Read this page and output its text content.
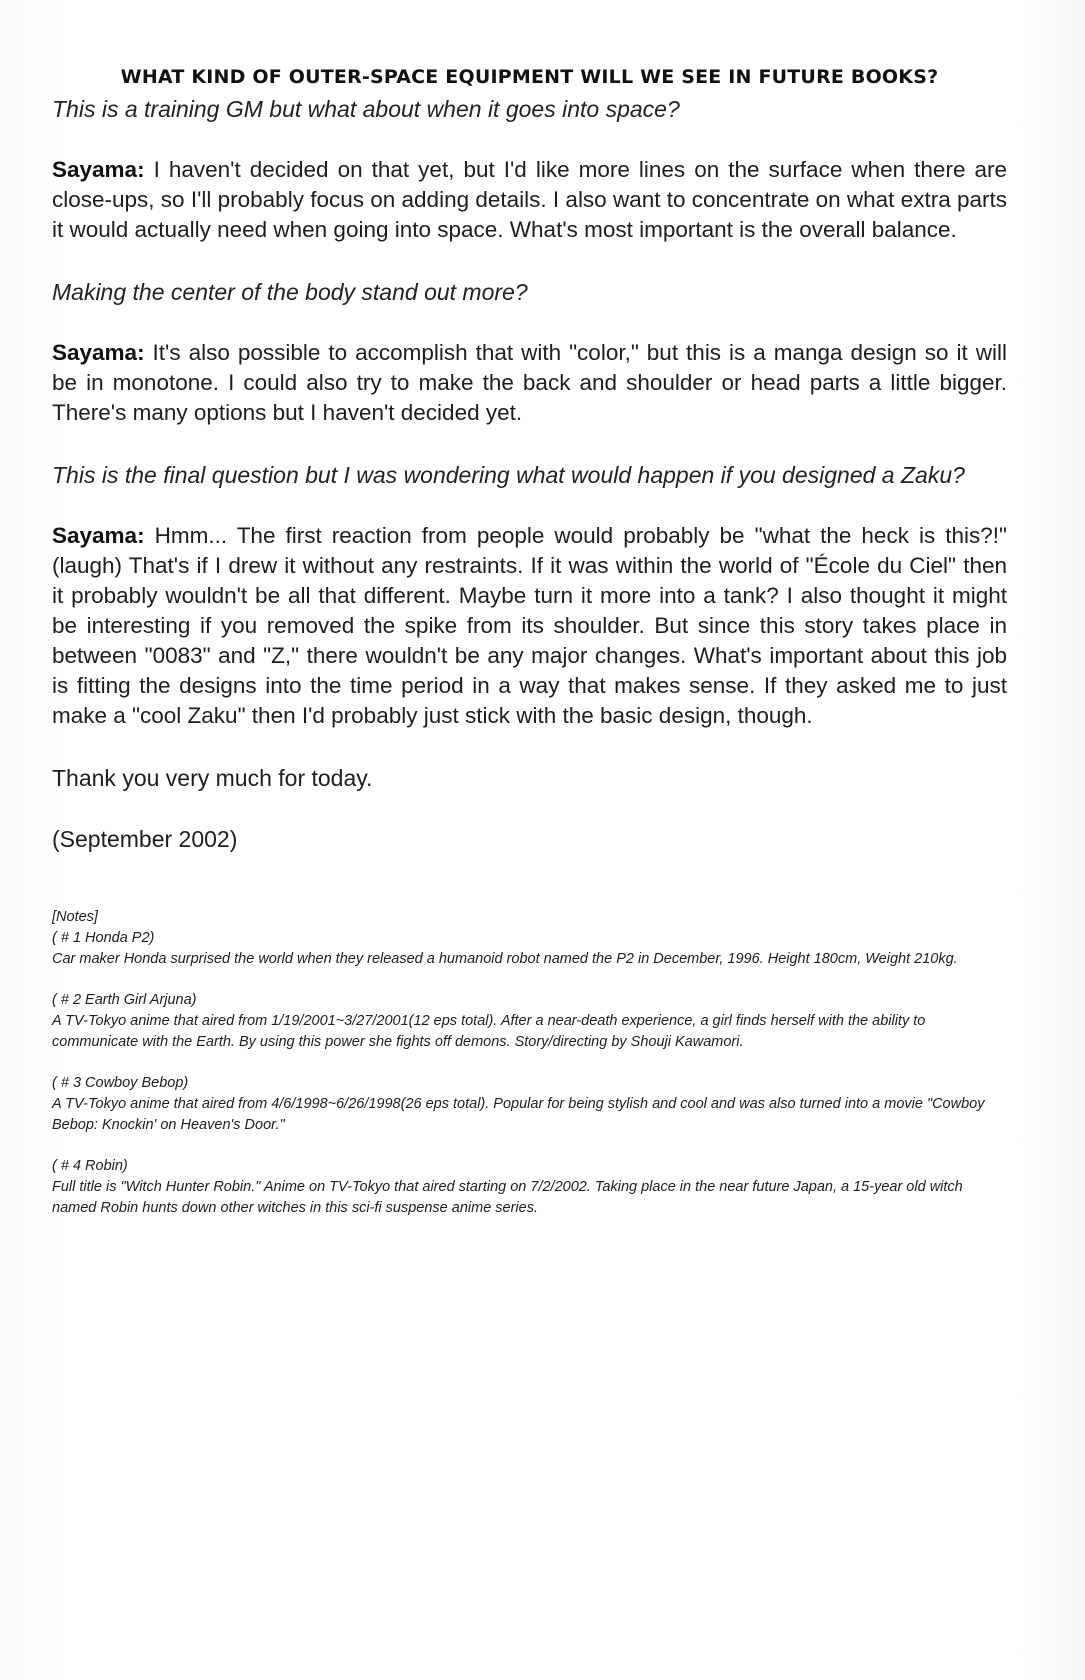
WHAT KIND OF OUTER-SPACE EQUIPMENT WILL WE SEE IN FUTURE BOOKS?

This is a training GM but what about when it goes into space?

Sayama: I haven't decided on that yet, but I'd like more lines on the surface when there are close-ups, so I'll probably focus on adding details. I also want to concentrate on what extra parts it would actually need when going into space. What's most important is the overall balance.

Making the center of the body stand out more?

Sayama: It's also possible to accomplish that with "color," but this is a manga design so it will be in monotone. I could also try to make the back and shoulder or head parts a little bigger. There's many options but I haven't decided yet.

This is the final question but I was wondering what would happen if you designed a Zaku?

Sayama: Hmm... The first reaction from people would probably be "what the heck is this?!" (laugh) That's if I drew it without any restraints. If it was within the world of "École du Ciel" then it probably wouldn't be all that different. Maybe turn it more into a tank? I also thought it might be interesting if you removed the spike from its shoulder. But since this story takes place in between "0083" and "Z," there wouldn't be any major changes. What's important about this job is fitting the designs into the time period in a way that makes sense. If they asked me to just make a "cool Zaku" then I'd probably just stick with the basic design, though.

Thank you very much for today.

(September 2002)

[Notes]

( # 1 Honda P2)
Car maker Honda surprised the world when they released a humanoid robot named the P2 in December, 1996. Height 180cm, Weight 210kg.
( # 2 Earth Girl Arjuna)
A TV-Tokyo anime that aired from 1/19/2001~3/27/2001(12 eps total). After a near-death experience, a girl finds herself with the ability to communicate with the Earth. By using this power she fights off demons. Story/directing by Shouji Kawamori.
( # 3 Cowboy Bebop)
A TV-Tokyo anime that aired from 4/6/1998~6/26/1998(26 eps total). Popular for being stylish and cool and was also turned into a movie "Cowboy Bebop: Knockin' on Heaven's Door."
( # 4 Robin)
Full title is "Witch Hunter Robin." Anime on TV-Tokyo that aired starting on 7/2/2002. Taking place in the near future Japan, a 15-year old witch named Robin hunts down other witches in this sci-fi suspense anime series.
